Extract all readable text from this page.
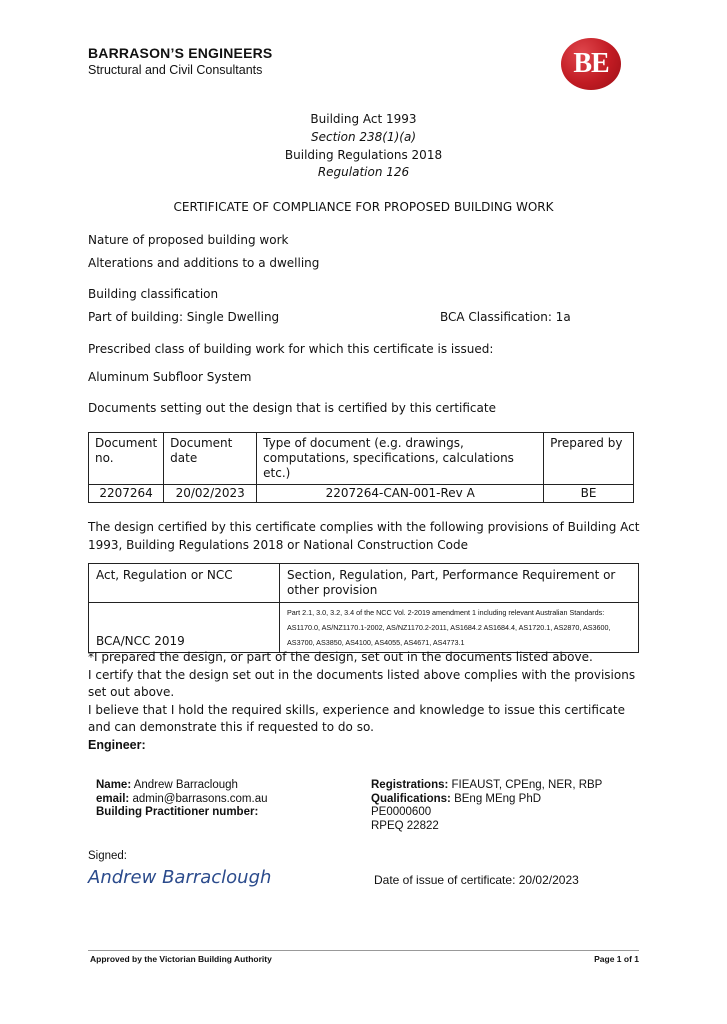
BARRASON’S ENGINEERS
Structural and Civil Consultants	BE
Building Act 1993
Section 238(1)(a)
Building Regulations 2018
Regulation 126
CERTIFICATE OF COMPLIANCE FOR PROPOSED BUILDING WORK
Nature of proposed building work
Alterations and additions to a dwelling
Building classification
Part of building: Single Dwelling	BCA Classification: 1a
Prescribed class of building work for which this certificate is issued:
Aluminum Subfloor System
Documents setting out the design that is certified by this certificate
Document no.	Document date	Type of document (e.g. drawings, computations, specifications, calculations etc.)	Prepared by
2207264	20/02/2023	2207264-CAN-001-Rev A	BE
The design certified by this certificate complies with the following provisions of Building Act 1993, Building Regulations 2018 or National Construction Code
Act, Regulation or NCC	Section, Regulation, Part, Performance Requirement or other provision
BCA/NCC 2019	Part 2.1, 3.0, 3.2, 3.4 of the NCC Vol. 2-2019 amendment 1 including relevant Australian Standards: AS1170.0, AS/NZ1170.1-2002, AS/NZ1170.2-2011, AS1684.2 AS1684.4, AS1720.1, AS2870, AS3600, AS3700, AS3850, AS4100, AS4055, AS4671, AS4773.1
*I prepared the design, or part of the design, set out in the documents listed above.
I certify that the design set out in the documents listed above complies with the provisions set out above.
I believe that I hold the required skills, experience and knowledge to issue this certificate and can demonstrate this if requested to do so.
Engineer:
Name: Andrew Barraclough
email: admin@barrasons.com.au
Building Practitioner number:
Registrations: FIEAUST, CPEng, NER, RBP
Qualifications: BEng MEng PhD
PE0000600
RPEQ 22822
Signed:
Andrew Barraclough	Date of issue of certificate: 20/02/2023
Approved by the Victorian Building Authority	Page 1 of 1
